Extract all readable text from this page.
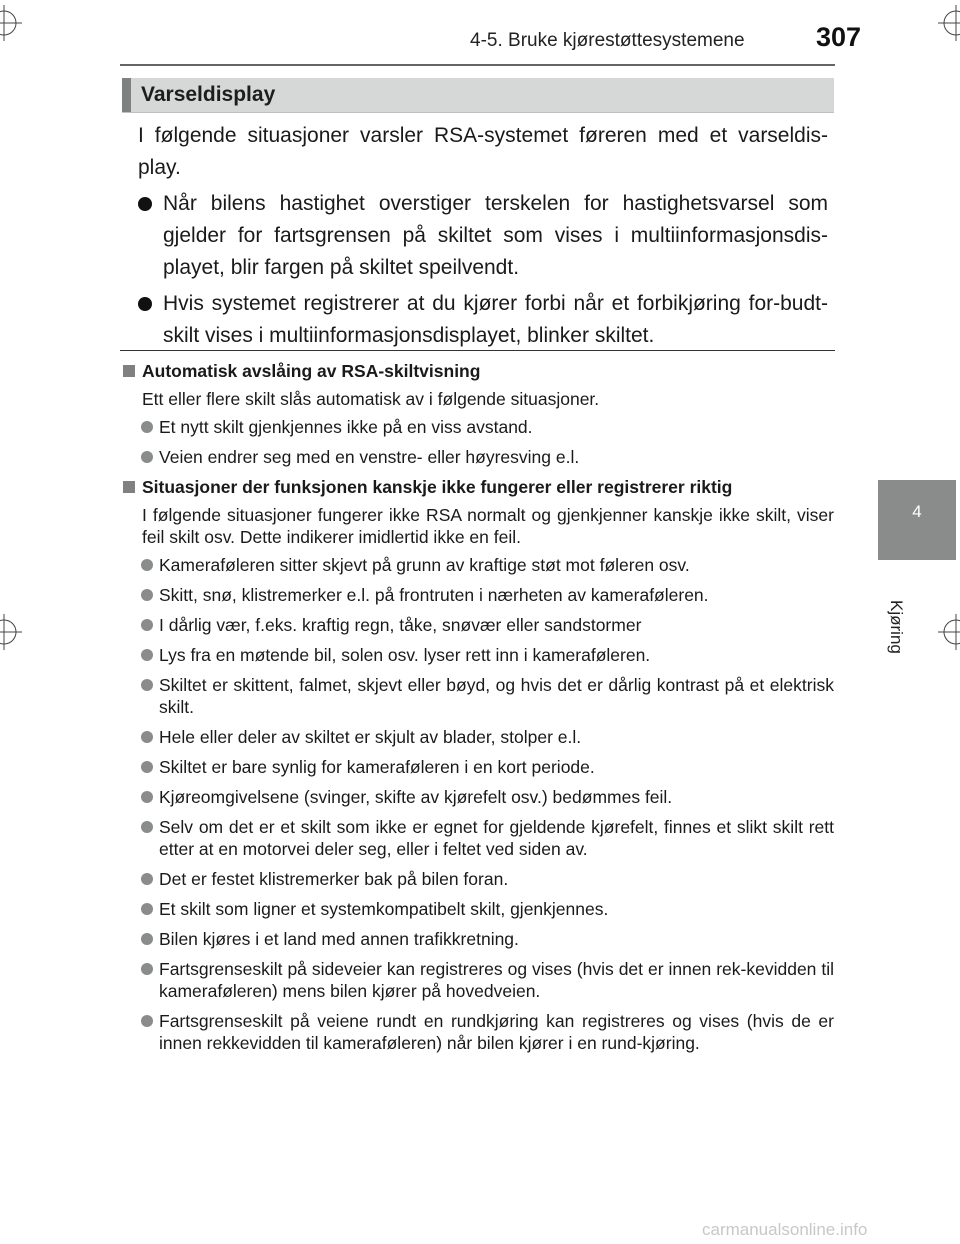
4-5. Bruke kjørestøttesystemene	307
4
Kjøring
Varseldisplay

I følgende situasjoner varsler RSA-systemet føreren med et varseldis-play.

Når bilens hastighet overstiger terskelen for hastighetsvarsel som gjelder for fartsgrensen på skiltet som vises i multiinformasjonsdis-playet, blir fargen på skiltet speilvendt.
Hvis systemet registrerer at du kjører forbi når et forbikjøring for-budt-skilt vises i multiinformasjonsdisplayet, blinker skiltet.
Automatisk avslåing av RSA-skiltvisning
Ett eller flere skilt slås automatisk av i følgende situasjoner.
Et nytt skilt gjenkjennes ikke på en viss avstand.
Veien endrer seg med en venstre- eller høyresving e.l.
Situasjoner der funksjonen kanskje ikke fungerer eller registrerer riktig
I følgende situasjoner fungerer ikke RSA normalt og gjenkjenner kanskje ikke skilt, viser feil skilt osv. Dette indikerer imidlertid ikke en feil.
Kameraføleren sitter skjevt på grunn av kraftige støt mot føleren osv.
Skitt, snø, klistremerker e.l. på frontruten i nærheten av kameraføleren.
I dårlig vær, f.eks. kraftig regn, tåke, snøvær eller sandstormer
Lys fra en møtende bil, solen osv. lyser rett inn i kameraføleren.
Skiltet er skittent, falmet, skjevt eller bøyd, og hvis det er dårlig kontrast på et elektrisk skilt.
Hele eller deler av skiltet er skjult av blader, stolper e.l.
Skiltet er bare synlig for kameraføleren i en kort periode.
Kjøreomgivelsene (svinger, skifte av kjørefelt osv.) bedømmes feil.
Selv om det er et skilt som ikke er egnet for gjeldende kjørefelt, finnes et slikt skilt rett etter at en motorvei deler seg, eller i feltet ved siden av.
Det er festet klistremerker bak på bilen foran.
Et skilt som ligner et systemkompatibelt skilt, gjenkjennes.
Bilen kjøres i et land med annen trafikkretning.
Fartsgrenseskilt på sideveier kan registreres og vises (hvis det er innen rek-kevidden til kameraføleren) mens bilen kjører på hovedveien.
Fartsgrenseskilt på veiene rundt en rundkjøring kan registreres og vises (hvis de er innen rekkevidden til kameraføleren) når bilen kjører i en rund-kjøring.
carmanualsonline.info
